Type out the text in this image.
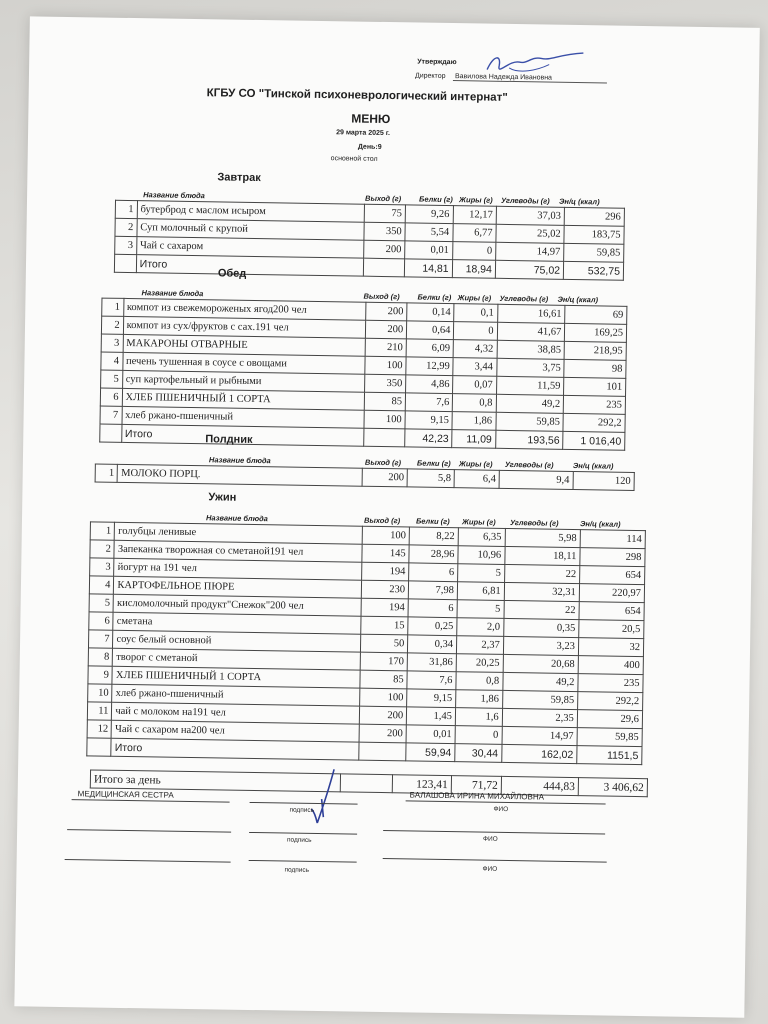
Утверждаю
Директор Вавилова Надежда Ивановна
КГБУ СО "Тинской психоневрологический интернат"
МЕНЮ
29 марта 2025 г.
День:9
основной стол
Завтрак
Название блюда	Выход (г) Белки (г) Жиры (г) Углеводы (г) Эн/ц (ккал)
1	бутерброд с маслом исыром	75	9,26	12,17	37,03	296
2	Суп молочный с крупой	350	5,54	6,77	25,02	183,75
3	Чай с сахаром	200	0,01	0	14,97	59,85
	Итого		14,81	18,94	75,02	532,75
Обед
Название блюда	Выход (г) Белки (г) Жиры (г) Углеводы (г) Эн/ц (ккал)
1	компот из свежемороженых ягод200 чел	200	0,14	0,1	16,61	69
2	компот из сух/фруктов с сах.191 чел	200	0,64	0	41,67	169,25
3	МАКАРОНЫ ОТВАРНЫЕ	210	6,09	4,32	38,85	218,95
4	печень тушенная в соусе с овощами	100	12,99	3,44	3,75	98
5	суп картофельный и рыбными	350	4,86	0,07	11,59	101
6	ХЛЕБ ПШЕНИЧНЫЙ 1 СОРТА	85	7,6	0,8	49,2	235
7	хлеб ржано-пшеничный	100	9,15	1,86	59,85	292,2
	Итого		42,23	11,09	193,56	1 016,40
Полдник
Название блюда	Выход (г) Белки (г) Жиры (г) Углеводы (г)	Эн/ц (ккал)
1	МОЛОКО ПОРЦ.	200	5,8	6,4	9,4	120
Ужин
Название блюда	Выход (г) Белки (г) Жиры (г) Углеводы (г)	Эн/ц (ккал)
1	голубцы ленивые	100	8,22	6,35	5,98	114
2	Запеканка творожная со сметаной191 чел	145	28,96	10,96	18,11	298
3	йогурт на 191 чел	194	6	5	22	654
4	КАРТОФЕЛЬНОЕ ПЮРЕ	230	7,98	6,81	32,31	220,97
5	кисломолочный продукт"Снежок"200 чел	194	6	5	22	654
6	сметана	15	0,25	2,0	0,35	20,5
7	соус белый основной	50	0,34	2,37	3,23	32
8	творог с сметаной	170	31,86	20,25	20,68	400
9	ХЛЕБ ПШЕНИЧНЫЙ 1 СОРТА	85	7,6	0,8	49,2	235
10	хлеб ржано-пшеничный	100	9,15	1,86	59,85	292,2
11	чай с молоком на191 чел	200	1,45	1,6	2,35	29,6
12	Чай с сахаром на200 чел	200	0,01	0	14,97	59,85
	Итого		59,94	30,44	162,02	1151,5
Итого за день		123,41	71,72	444,83	3 406,62
МЕДИЦИНСКАЯ СЕСТРА	БАЛАШОВА ИРИНА МИХАЙЛОВНА
подпись	ФИО
подпись	ФИО
подпись	ФИО
